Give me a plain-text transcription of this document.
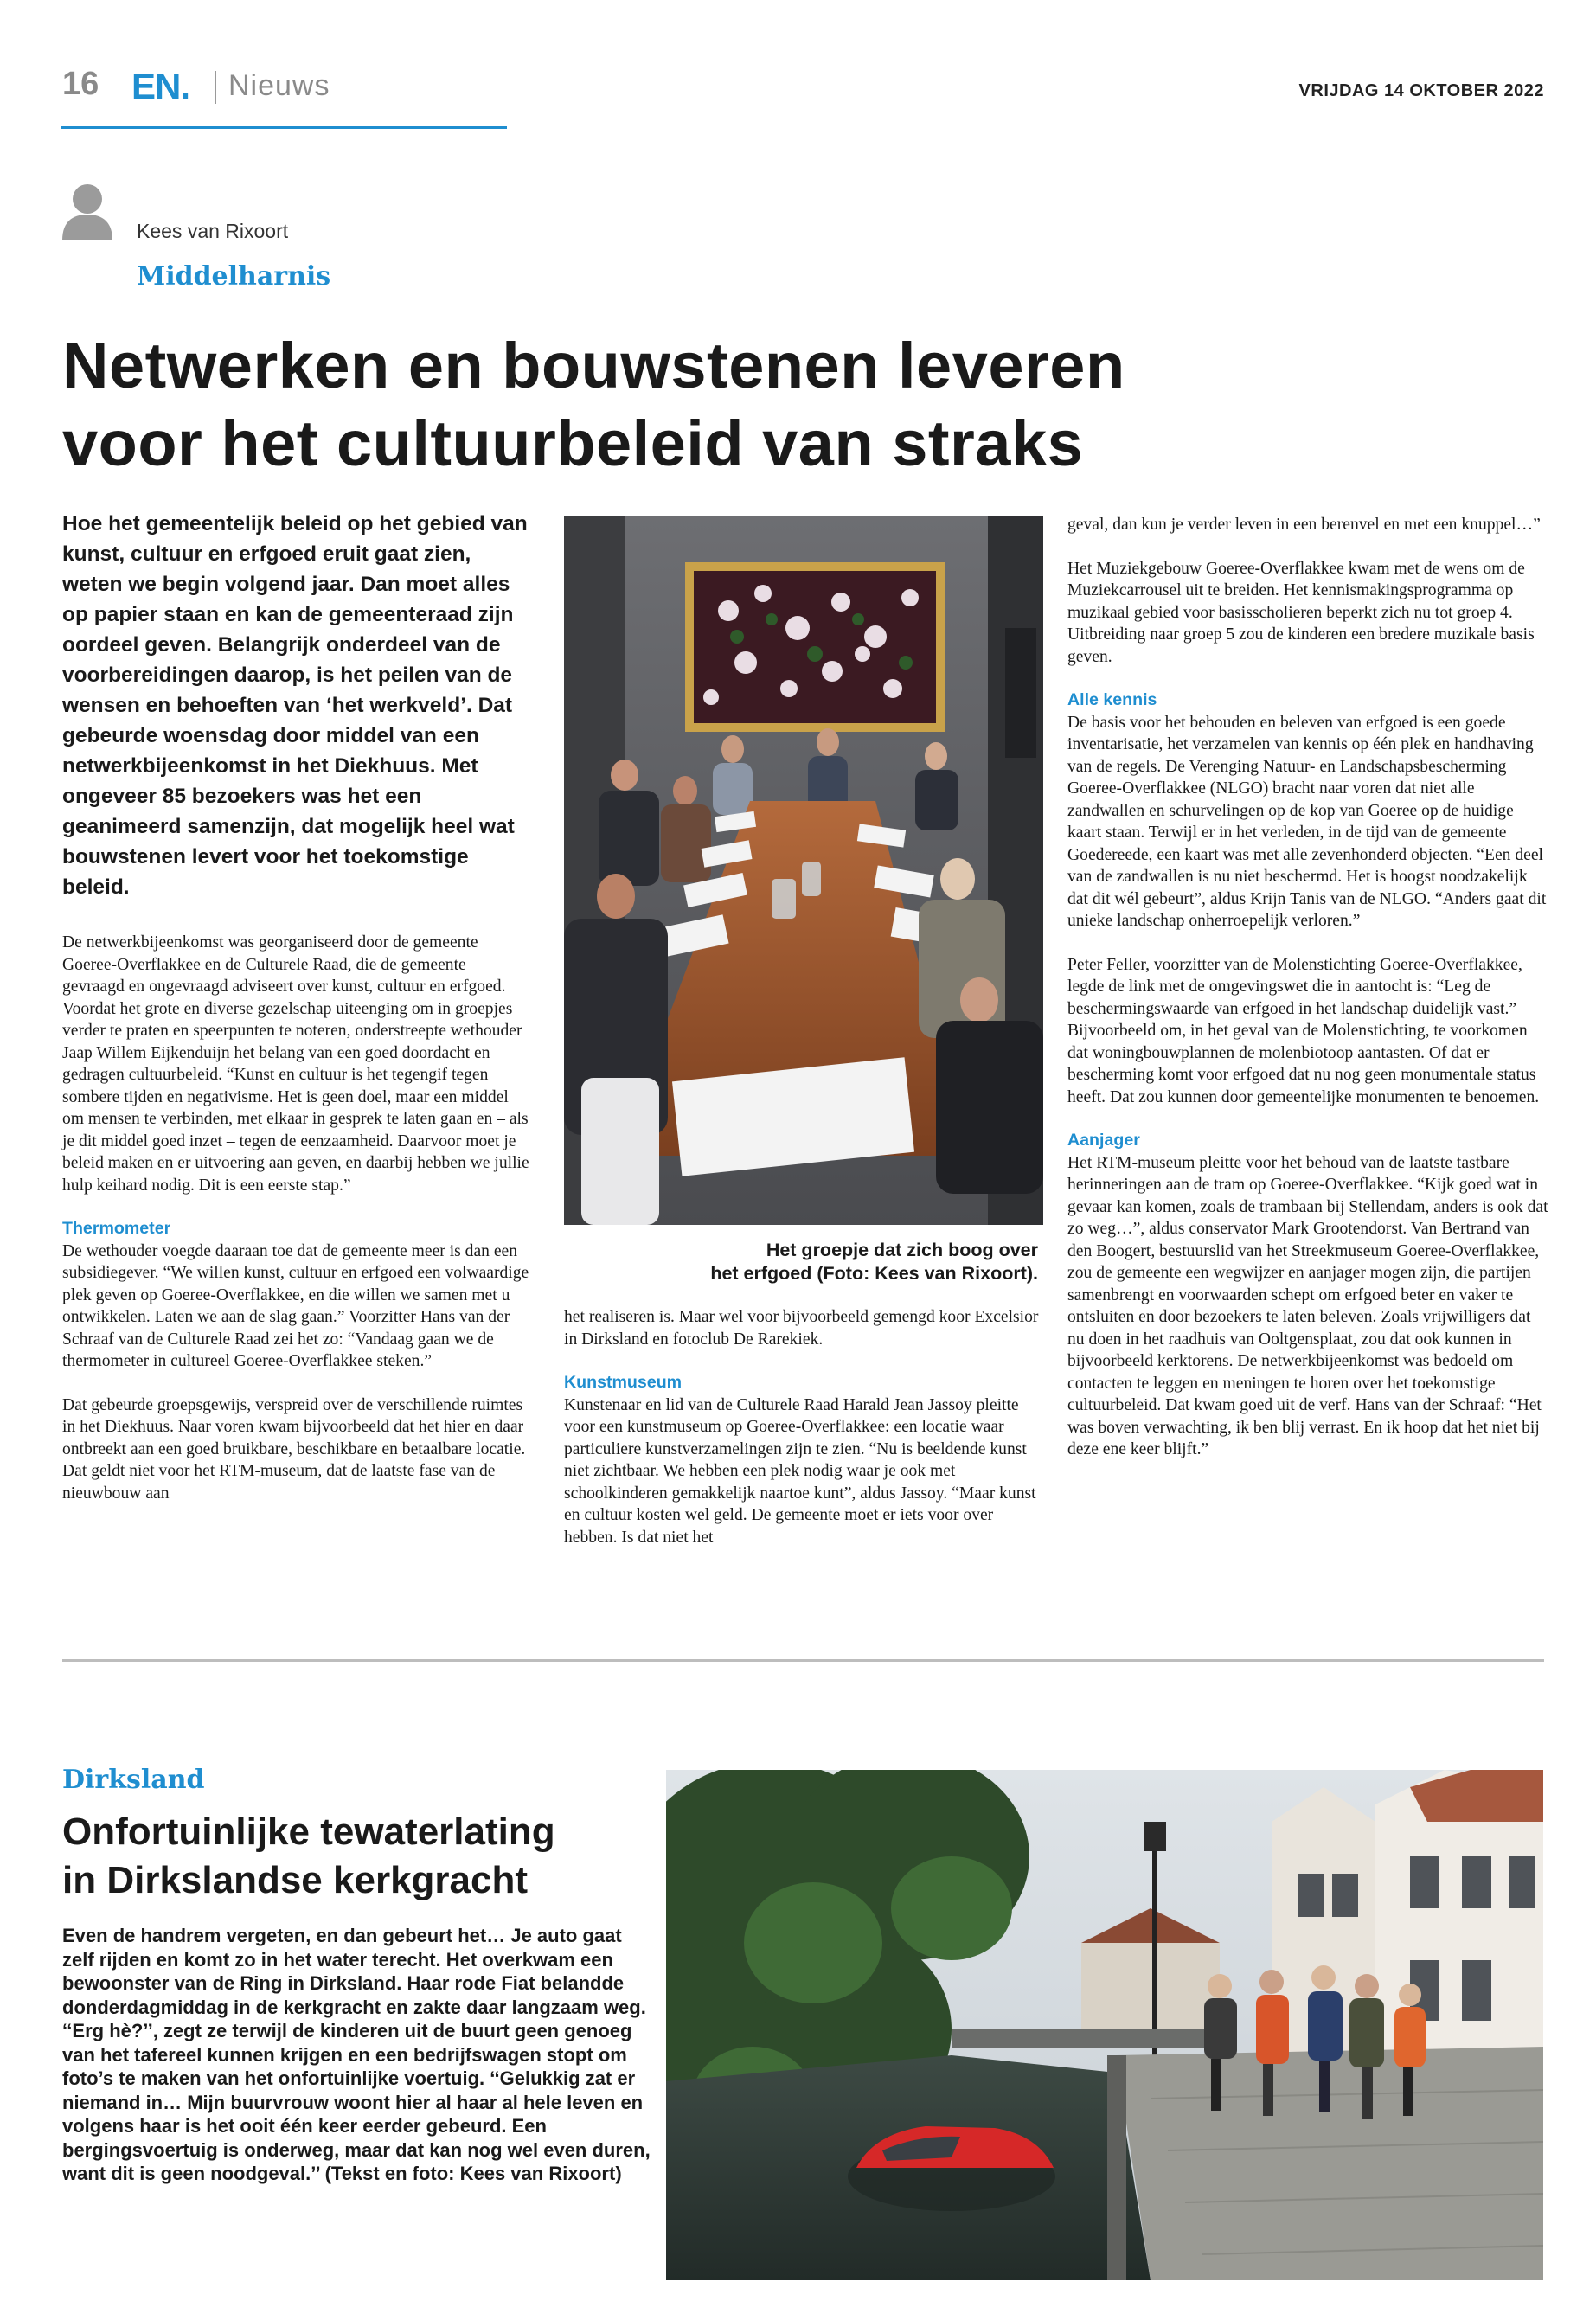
16 EN. Nieuws	VRIJDAG 14 OKTOBER 2022
Kees van Rixoort
Middelharnis
Netwerken en bouwstenen leveren
voor het cultuurbeleid van straks
Hoe het gemeentelijk beleid op het gebied van kunst, cultuur en erfgoed eruit gaat zien, weten we begin volgend jaar. Dan moet alles op papier staan en kan de gemeenteraad zijn oordeel geven. Belangrijk onderdeel van de voorbereidingen daarop, is het peilen van de wensen en behoeften van ‘het werkveld’. Dat gebeurde woensdag door middel van een netwerkbijeenkomst in het Diekhuus. Met ongeveer 85 bezoekers was het een geanimeerd samenzijn, dat mogelijk heel wat bouwstenen levert voor het toekomstige beleid.

De netwerkbijeenkomst was georganiseerd door de gemeente Goeree-Overflakkee en de Culturele Raad, die de gemeente gevraagd en ongevraagd adviseert over kunst, cultuur en erfgoed. Voordat het grote en diverse gezelschap uiteenging om in groepjes verder te praten en speerpunten te noteren, onderstreepte wethouder Jaap Willem Eijkenduijn het belang van een goed doordacht en gedragen cultuurbeleid. “Kunst en cultuur is het tegengif tegen sombere tijden en negativisme. Het is geen doel, maar een middel om mensen te verbinden, met elkaar in gesprek te laten gaan en – als je dit middel goed inzet – tegen de eenzaamheid. Daarvoor moet je beleid maken en er uitvoering aan geven, en daarbij hebben we jullie hulp keihard nodig. Dit is een eerste stap.”

Thermometer

De wethouder voegde daaraan toe dat de gemeente meer is dan een subsidiegever. “We willen kunst, cultuur en erfgoed een volwaardige plek geven op Goeree-Overflakkee, en die willen we samen met u ontwikkelen. Laten we aan de slag gaan.” Voorzitter Hans van der Schraaf van de Culturele Raad zei het zo: “Vandaag gaan we de thermometer in cultureel Goeree-Overflakkee steken.”

Dat gebeurde groepsgewijs, verspreid over de verschillende ruimtes in het Diekhuus. Naar voren kwam bijvoorbeeld dat het hier en daar ontbreekt aan een goed bruikbare, beschikbare en betaalbare locatie. Dat geldt niet voor het RTM-museum, dat de laatste fase van de nieuwbouw aan

Het groepje dat zich boog over
het erfgoed (Foto: Kees van Rixoort).

het realiseren is. Maar wel voor bijvoorbeeld gemengd koor Excelsior in Dirksland en fotoclub De Rarekiek.

Kunstmuseum

Kunstenaar en lid van de Culturele Raad Harald Jean Jassoy pleitte voor een kunstmuseum op Goeree-Overflakkee: een locatie waar particuliere kunstverzamelingen zijn te zien. “Nu is beeldende kunst niet zichtbaar. We hebben een plek nodig waar je ook met schoolkinderen gemakkelijk naartoe kunt”, aldus Jassoy. “Maar kunst en cultuur kosten wel geld. De gemeente moet er iets voor over hebben. Is dat niet het

geval, dan kun je verder leven in een berenvel en met een knuppel…”

Het Muziekgebouw Goeree-Overflakkee kwam met de wens om de Muziekcarrousel uit te breiden. Het kennismakingsprogramma op muzikaal gebied voor basisscholieren beperkt zich nu tot groep 4. Uitbreiding naar groep 5 zou de kinderen een bredere muzikale basis geven.

Alle kennis

De basis voor het behouden en beleven van erfgoed is een goede inventarisatie, het verzamelen van kennis op één plek en handhaving van de regels. De Verenging Natuur- en Landschapsbescherming Goeree-Overflakkee (NLGO) bracht naar voren dat niet alle zandwallen en schurvelingen op de kop van Goeree op de huidige kaart staan. Terwijl er in het verleden, in de tijd van de gemeente Goedereede, een kaart was met alle zevenhonderd objecten. “Een deel van de zandwallen is nu niet beschermd. Het is hoogst noodzakelijk dat dit wél gebeurt”, aldus Krijn Tanis van de NLGO. “Anders gaat dit unieke landschap onherroepelijk verloren.”

Peter Feller, voorzitter van de Molenstichting Goeree-Overflakkee, legde de link met de omgevingswet die in aantocht is: “Leg de beschermingswaarde van erfgoed in het landschap duidelijk vast.” Bijvoorbeeld om, in het geval van de Molenstichting, te voorkomen dat woningbouwplannen de molenbiotoop aantasten. Of dat er bescherming komt voor erfgoed dat nu nog geen monumentale status heeft. Dat zou kunnen door gemeentelijke monumenten te benoemen.

Aanjager

Het RTM-museum pleitte voor het behoud van de laatste tastbare herinneringen aan de tram op Goeree-Overflakkee. “Kijk goed wat in gevaar kan komen, zoals de trambaan bij Stellendam, anders is ook dat zo weg…”, aldus conservator Mark Grootendorst. Van Bertrand van den Boogert, bestuurslid van het Streekmuseum Goeree-Overflakkee, zou de gemeente een wegwijzer en aanjager mogen zijn, die partijen samenbrengt en voorwaarden schept om erfgoed beter en vaker te ontsluiten en door bezoekers te laten beleven. Zoals vrijwilligers dat nu doen in het raadhuis van Ooltgensplaat, zou dat ook kunnen in bijvoorbeeld kerktorens. De netwerkbijeenkomst was bedoeld om contacten te leggen en meningen te horen over het toekomstige cultuurbeleid. Dat kwam goed uit de verf. Hans van der Schraaf: “Het was boven verwachting, ik ben blij verrast. En ik hoop dat het niet bij deze ene keer blijft.”

Dirksland
Onfortuinlijke tewaterlating
in Dirkslandse kerkgracht
Even de handrem vergeten, en dan gebeurt het… Je auto gaat zelf rijden en komt zo in het water terecht. Het overkwam een bewoonster van de Ring in Dirksland. Haar rode Fiat belandde donderdagmiddag in de kerkgracht en zakte daar langzaam weg. ‘‘Erg hè?’’, zegt ze terwijl de kinderen uit de buurt geen genoeg van het tafereel kunnen krijgen en een bedrijfswagen stopt om foto’s te maken van het onfortuinlijke voertuig. ‘‘Gelukkig zat er niemand in… Mijn buurvrouw woont hier al haar al hele leven en volgens haar is het ooit één keer eerder gebeurd. Een bergingsvoertuig is onderweg, maar dat kan nog wel even duren, want dit is geen noodgeval.’’ (Tekst en foto: Kees van Rixoort)
